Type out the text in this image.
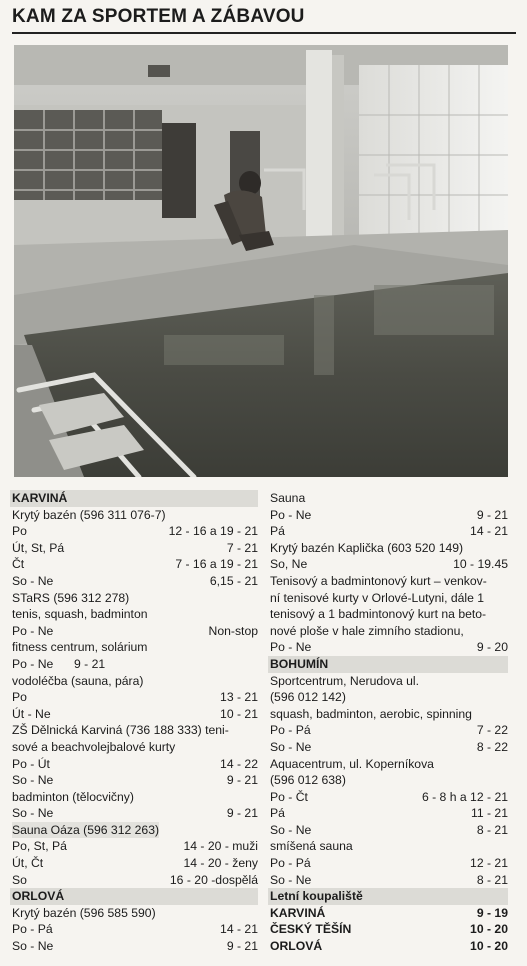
KAM ZA SPORTEM A ZÁBAVOU
KARVINÁ
Krytý bazén (596 311 076-7)
Po	12 - 16 a 19 - 21
Út, St, Pá	7 - 21
Čt	7 - 16 a 19 - 21
So - Ne	6,15 - 21
STaRS (596 312 278)
tenis, squash, badminton
Po - Ne	Non-stop
fitness centrum, solárium
Po - Ne	9 - 21
vodoléčba (sauna, pára)
Po	13 - 21
Út - Ne	10 - 21
ZŠ Dělnická Karviná (736 188 333) teni-
sové a beachvolejbalové kurty
Po - Út	14 - 22
So - Ne	9 - 21
badminton (tělocvičny)
So - Ne	9 - 21
Sauna Oáza (596 312 263)
Po, St, Pá	14 - 20 - muži
Út, Čt	14 - 20 - ženy
So	16 - 20 -dospělá
ORLOVÁ
Krytý bazén (596 585 590)
Po - Pá	14 - 21
So - Ne	9 - 21
Sauna
Po - Ne	9 - 21
Pá	14 - 21
Krytý bazén Kaplička (603 520 149)
So, Ne	10 - 19.45
Tenisový a badmintonový kurt – venkov-
ní tenisové kurty v Orlové-Lutyni, dále 1
tenisový a 1 badmintonový kurt na beto-
nové ploše v hale zimního stadionu,
Po - Ne	9 - 20
BOHUMÍN
Sportcentrum, Nerudova ul.
(596 012 142)
squash, badminton, aerobic, spinning
Po - Pá	7 - 22
So - Ne	8 - 22
Aquacentrum, ul. Koperníkova
(596 012 638)
Po - Čt	6 - 8 h a 12 - 21
Pá	11 - 21
So - Ne	8 - 21
smíšená sauna
Po - Pá	12 - 21
So - Ne	8 - 21
Letní koupaliště
KARVINÁ	9 - 19
ČESKÝ TĚŠÍN	10 - 20
ORLOVÁ	10 - 20
